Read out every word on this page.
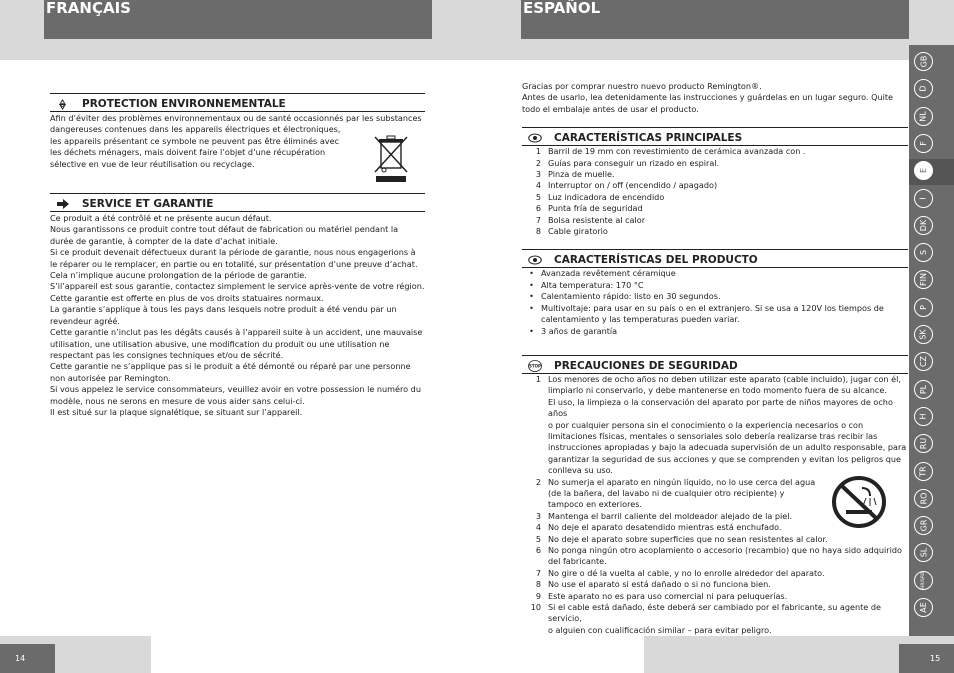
FRANÇAIS	ESPAÑOL
14	15
PROTECTION ENVIRONNEMENTALE

Afin d’éviter des problèmes environnementaux ou de santé occasionnés par les substances

dangereuses contenues dans les appareils électriques et électroniques,

les appareils présentant ce symbole ne peuvent pas être éliminés avec

les déchets ménagers, mais doivent faire l’objet d’une récupération

sélective en vue de leur réutilisation ou recyclage.

SERVICE ET GARANTIE

Ce produit a été contrôlé et ne présente aucun défaut.

Nous garantissons ce produit contre tout défaut de fabrication ou matériel pendant la

durée de garantie, à compter de la date d’achat initiale.

Si ce produit devenait défectueux durant la période de garantie, nous nous engagerions à

le réparer ou le remplacer, en partie ou en totalité, sur présentation d’une preuve d’achat.

Cela n’implique aucune prolongation de la période de garantie.

S’il’appareil est sous garantie, contactez simplement le service après-vente de votre région.

Cette garantie est offerte en plus de vos droits statuaires normaux.

La garantie s’applique à tous les pays dans lesquels notre produit a été vendu par un

revendeur agréé.

Cette garantie n’inclut pas les dégâts causés à l’appareil suite à un accident, une mauvaise

utilisation, une utilisation abusive, une modification du produit ou une utilisation ne

respectant pas les consignes techniques et/ou de sécrité.

Cette garantie ne s’applique pas si le produit a été démonté ou réparé par une personne

non autorisée par Remington.

Si vous appelez le service consommateurs, veuillez avoir en votre possession le numéro du

modèle, nous ne serons en mesure de vous aider sans celui-ci.

Il est situé sur la plaque signalétique, se situant sur l’appareil.

Gracias por comprar nuestro nuevo producto Remington®.

Antes de usarlo, lea detenidamente las instrucciones y guárdelas en un lugar seguro. Quite

todo el embalaje antes de usar el producto.

CARACTERÍSTICAS PRINCIPALES
1 Barril de 19 mm con revestimiento de cerámica avanzada con .
2 Guías para conseguir un rizado en espiral.
3 Pinza de muelle.
4 Interruptor on / off (encendido / apagado)
5 Luz indicadora de encendido
6 Punta fría de seguridad
7 Bolsa resistente al calor
8 Cable giratorio
CARACTERÍSTICAS DEL PRODUCTO
• Avanzada revêtement céramique
• Alta temperatura: 170 °C
• Calentamiento rápido: listo en 30 segundos.
• Multivoltaje: para usar en su país o en el extranjero. Si se usa a 120V los tiempos de
calentamiento y las temperaturas pueden variar.
• 3 años de garantía
STOP PRECAUCIONES DE SEGURIDAD
1 Los menores de ocho años no deben utilizar este aparato (cable incluido), jugar con él,
limpiarlo ni conservarlo, y debe mantenerse en todo momento fuera de su alcance.
El uso, la limpieza o la conservación del aparato por parte de niños mayores de ocho años
o por cualquier persona sin el conocimiento o la experiencia necesarios o con
limitaciones físicas, mentales o sensoriales solo debería realizarse tras recibir las
instrucciones apropiadas y bajo la adecuada supervisión de un adulto responsable, para
garantizar la seguridad de sus acciones y que se comprenden y evitan los peligros que
conlleva su uso.
2 No sumerja el aparato en ningún líquido, no lo use cerca del agua
(de la bañera, del lavabo ni de cualquier otro recipiente) y
tampoco en exteriores.
3 Mantenga el barril caliente del moldeador alejado de la piel.
4 No deje el aparato desatendido mientras está enchufado.
5 No deje el aparato sobre superficies que no sean resistentes al calor.
6 No ponga ningún otro acoplamiento o accesorio (recambio) que no haya sido adquirido
del fabricante.
7 No gire o dé la vuelta al cable, y no lo enrolle alrededor del aparato.
8 No use el aparato si está dañado o si no funciona bien.
9 Este aparato no es para uso comercial ni para peluquerías.
10 Si el cable está dañado, éste deberá ser cambiado por el fabricante, su agente de servicio,
o alguien con cualificación similar – para evitar peligro.
GB
D
NL
F
E
I
DK
S
FIN
P
SK
CZ
PL
H
RU
TR
RO
GR
SL
HR/SRB
AE
